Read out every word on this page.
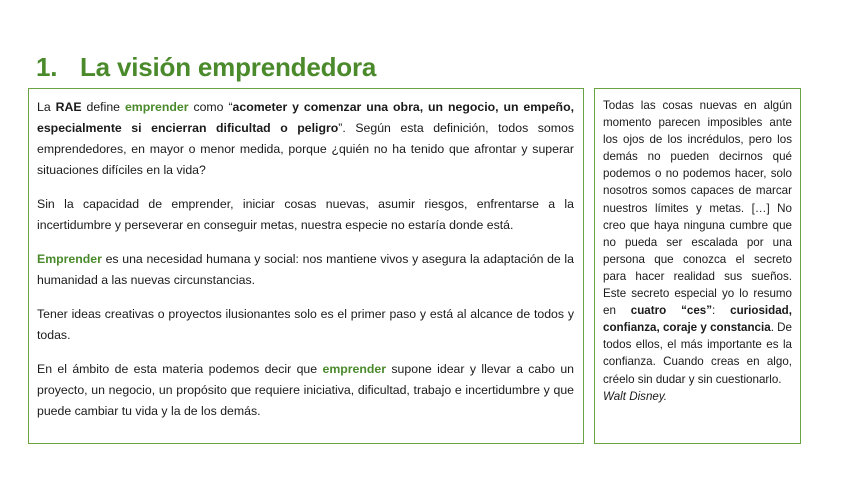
1. La visión emprendedora

La RAE define emprender como “acometer y comenzar una obra, un negocio, un empeño, especialmente si encierran dificultad o peligro”. Según esta definición, todos somos emprendedores, en mayor o menor medida, porque ¿quién no ha tenido que afrontar y superar situaciones difíciles en la vida?

Sin la capacidad de emprender, iniciar cosas nuevas, asumir riesgos, enfrentarse a la incertidumbre y perseverar en conseguir metas, nuestra especie no estaría donde está.

Emprender es una necesidad humana y social: nos mantiene vivos y asegura la adaptación de la humanidad a las nuevas circunstancias.

Tener ideas creativas o proyectos ilusionantes solo es el primer paso y está al alcance de todos y todas.

En el ámbito de esta materia podemos decir que emprender supone idear y llevar a cabo un proyecto, un negocio, un propósito que requiere iniciativa, dificultad, trabajo e incertidumbre y que puede cambiar tu vida y la de los demás.

Todas las cosas nuevas en algún momento parecen imposibles ante los ojos de los incrédulos, pero los demás no pueden decirnos qué podemos o no podemos hacer, solo nosotros somos capaces de marcar nuestros límites y metas. […] No creo que haya ninguna cumbre que no pueda ser escalada por una persona que conozca el secreto para hacer realidad sus sueños. Este secreto especial yo lo resumo en cuatro “ces”: curiosidad, confianza, coraje y constancia. De todos ellos, el más importante es la confianza. Cuando creas en algo, créelo sin dudar y sin cuestionarlo.
Walt Disney.
